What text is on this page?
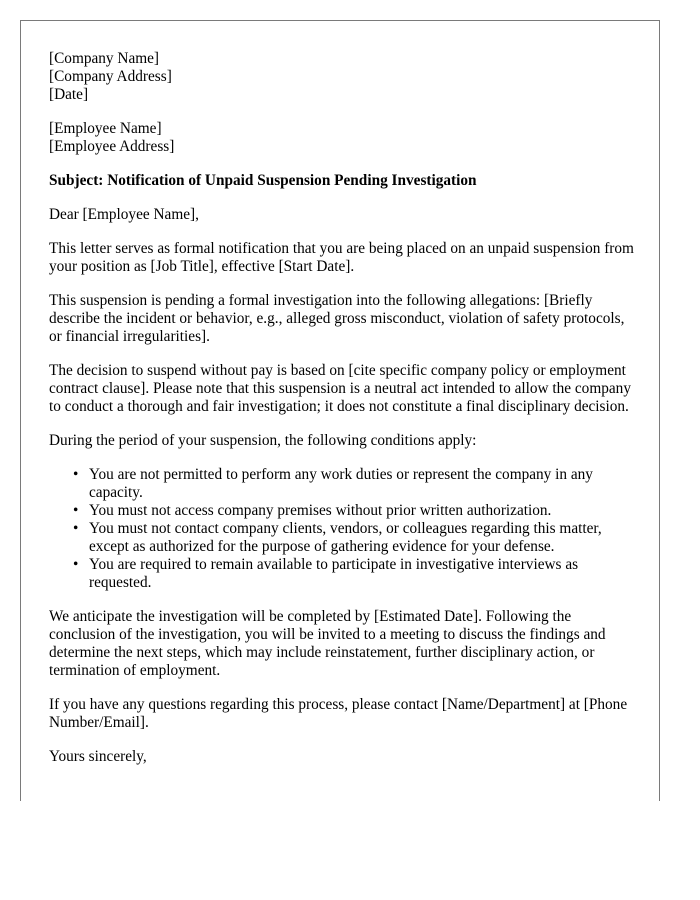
[Company Name]
[Company Address]
[Date]
[Employee Name]
[Employee Address]

Subject: Notification of Unpaid Suspension Pending Investigation

Dear [Employee Name],

This letter serves as formal notification that you are being placed on an unpaid suspension from your position as [Job Title], effective [Start Date].

This suspension is pending a formal investigation into the following allegations: [Briefly describe the incident or behavior, e.g., alleged gross misconduct, violation of safety protocols, or financial irregularities].

The decision to suspend without pay is based on [cite specific company policy or employment contract clause]. Please note that this suspension is a neutral act intended to allow the company to conduct a thorough and fair investigation; it does not constitute a final disciplinary decision.

During the period of your suspension, the following conditions apply:

• You are not permitted to perform any work duties or represent the company in any capacity.
• You must not access company premises without prior written authorization.
• You must not contact company clients, vendors, or colleagues regarding this matter, except as authorized for the purpose of gathering evidence for your defense.
• You are required to remain available to participate in investigative interviews as requested.

We anticipate the investigation will be completed by [Estimated Date]. Following the conclusion of the investigation, you will be invited to a meeting to discuss the findings and determine the next steps, which may include reinstatement, further disciplinary action, or termination of employment.

If you have any questions regarding this process, please contact [Name/Department] at [Phone Number/Email].

Yours sincerely,
